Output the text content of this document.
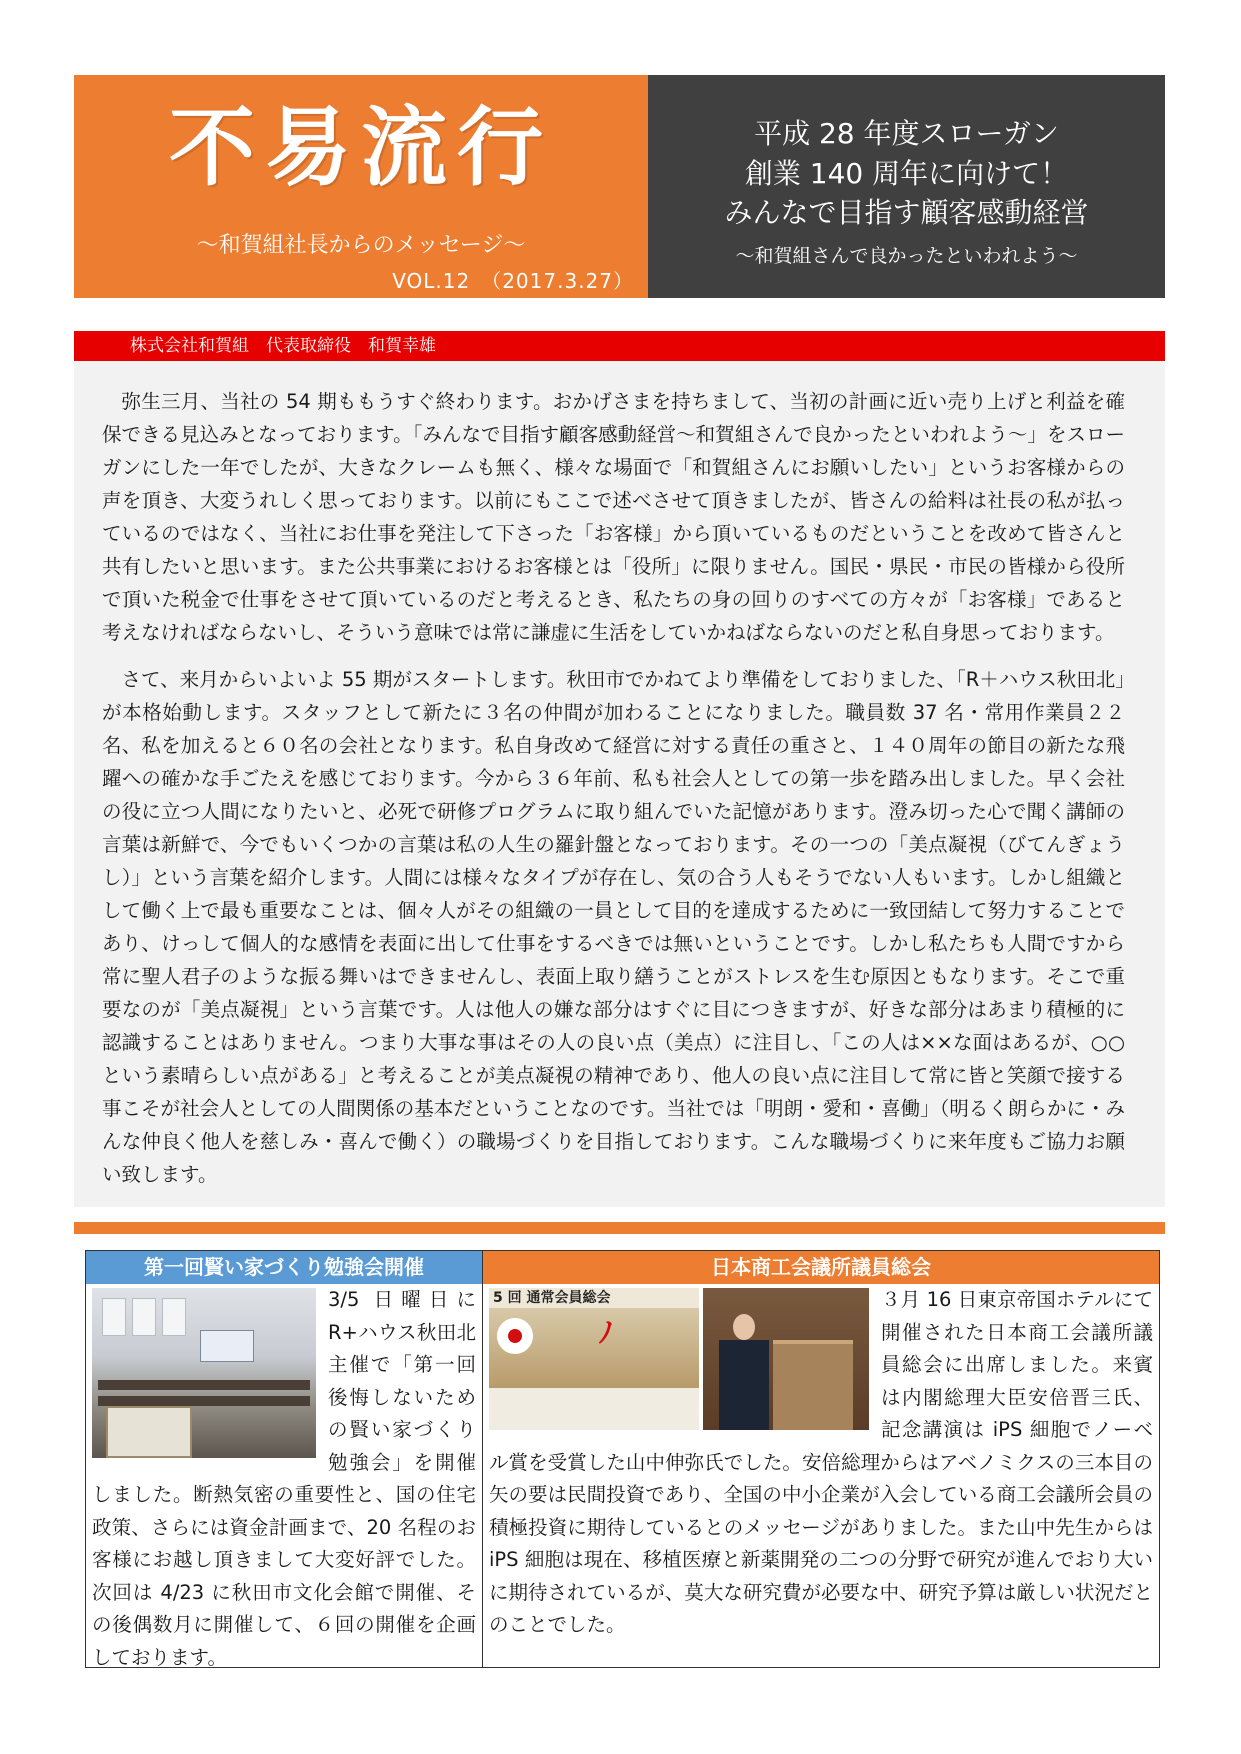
不易流行
～和賀組社長からのメッセージ～
VOL.12　（2017.3.27）
平成 28 年度スローガン
創業 140 周年に向けて！
みんなで目指す顧客感動経営
～和賀組さんで良かったといわれよう～
株式会社和賀組　代表取締役　和賀幸雄

弥生三月、当社の 54 期ももうすぐ終わります。おかげさまを持ちまして、当初の計画に近い売り上げと利益を確保できる見込みとなっております。「みんなで目指す顧客感動経営～和賀組さんで良かったといわれよう～」をスローガンにした一年でしたが、大きなクレームも無く、様々な場面で「和賀組さんにお願いしたい」というお客様からの声を頂き、大変うれしく思っております。以前にもここで述べさせて頂きましたが、皆さんの給料は社長の私が払っているのではなく、当社にお仕事を発注して下さった「お客様」から頂いているものだということを改めて皆さんと共有したいと思います。また公共事業におけるお客様とは「役所」に限りません。国民・県民・市民の皆様から役所で頂いた税金で仕事をさせて頂いているのだと考えるとき、私たちの身の回りのすべての方々が「お客様」であると考えなければならないし、そういう意味では常に謙虚に生活をしていかねばならないのだと私自身思っております。

さて、来月からいよいよ 55 期がスタートします。秋田市でかねてより準備をしておりました、「R＋ハウス秋田北」が本格始動します。スタッフとして新たに３名の仲間が加わることになりました。職員数 37 名・常用作業員２２名、私を加えると６０名の会社となります。私自身改めて経営に対する責任の重さと、１４０周年の節目の新たな飛躍への確かな手ごたえを感じております。今から３６年前、私も社会人としての第一歩を踏み出しました。早く会社の役に立つ人間になりたいと、必死で研修プログラムに取り組んでいた記憶があります。澄み切った心で聞く講師の言葉は新鮮で、今でもいくつかの言葉は私の人生の羅針盤となっております。その一つの「美点凝視（びてんぎょうし）」という言葉を紹介します。人間には様々なタイプが存在し、気の合う人もそうでない人もいます。しかし組織として働く上で最も重要なことは、個々人がその組織の一員として目的を達成するために一致団結して努力することであり、けっして個人的な感情を表面に出して仕事をするべきでは無いということです。しかし私たちも人間ですから常に聖人君子のような振る舞いはできませんし、表面上取り繕うことがストレスを生む原因ともなります。そこで重要なのが「美点凝視」という言葉です。人は他人の嫌な部分はすぐに目につきますが、好きな部分はあまり積極的に認識することはありません。つまり大事な事はその人の良い点（美点）に注目し、「この人は××な面はあるが、○○という素晴らしい点がある」と考えることが美点凝視の精神であり、他人の良い点に注目して常に皆と笑顔で接する事こそが社会人としての人間関係の基本だということなのです。当社では「明朗・愛和・喜働」（明るく朗らかに・みんな仲良く他人を慈しみ・喜んで働く）の職場づくりを目指しております。こんな職場づくりに来年度もご協力お願い致します。

第一回賢い家づくり勉強会開催
3/5 日曜日に R+ハウス秋田北主催で「第一回後悔しないための賢い家づくり勉強会」を開催しました。断熱気密の重要性と、国の住宅政策、さらには資金計画まで、20 名程のお客様にお越し頂きまして大変好評でした。次回は 4/23 に秋田市文化会館で開催、その後偶数月に開催して、６回の開催を企画しております。
日本商工会議所議員総会
5 回 通常会員総会
ﾉ
３月 16 日東京帝国ホテルにて開催された日本商工会議所議員総会に出席しました。来賓は内閣総理大臣安倍晋三氏、記念講演は iPS 細胞でノーベル賞を受賞した山中伸弥氏でした。安倍総理からはアベノミクスの三本目の矢の要は民間投資であり、全国の中小企業が入会している商工会議所会員の積極投資に期待しているとのメッセージがありました。また山中先生からは iPS 細胞は現在、移植医療と新薬開発の二つの分野で研究が進んでおり大いに期待されているが、莫大な研究費が必要な中、研究予算は厳しい状況だとのことでした。
